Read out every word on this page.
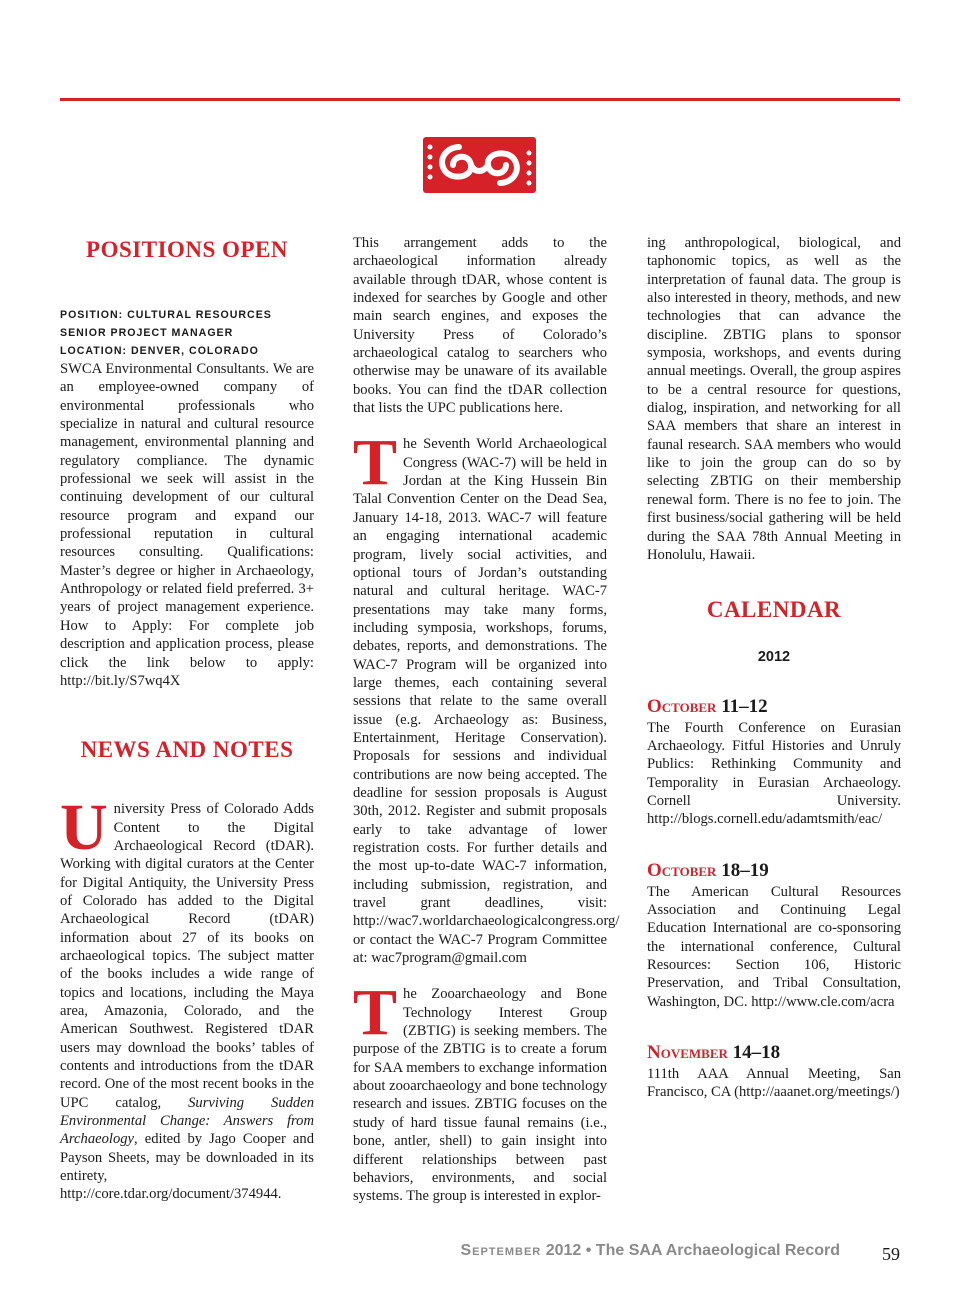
POSITIONS OPEN
POSITION: CULTURAL RESOURCES SENIOR PROJECT MANAGER
LOCATION: DENVER, COLORADO

SWCA Environmental Consultants. We are an employee-owned company of environmental professionals who specialize in natural and cultural resource management, environmental planning and regulatory compliance. The dynamic professional we seek will assist in the continuing development of our cultural resource program and expand our professional reputation in cultural resources consulting. Qualifications: Master’s degree or higher in Archaeology, Anthropology or related field preferred. 3+ years of project management experience. How to Apply: For complete job description and application process, please click the link below to apply: http://bit.ly/S7wq4X

NEWS AND NOTES

University Press of Colorado Adds Content to the Digital Archaeological Record (tDAR). Working with digital curators at the Center for Digital Antiquity, the University Press of Colorado has added to the Digital Archaeological Record (tDAR) information about 27 of its books on archaeological topics. The subject matter of the books includes a wide range of topics and locations, including the Maya area, Amazonia, Colorado, and the American Southwest. Registered tDAR users may download the books’ tables of contents and introductions from the tDAR record. One of the most recent books in the UPC catalog, Surviving Sudden Environmental Change: Answers from Archaeology, edited by Jago Cooper and Payson Sheets, may be downloaded in its entirety, http://core.tdar.org/document/374944.

This arrangement adds to the archaeological information already available through tDAR, whose content is indexed for searches by Google and other main search engines, and exposes the University Press of Colorado’s archaeological catalog to searchers who otherwise may be unaware of its available books. You can find the tDAR collection that lists the UPC publications here.

The Seventh World Archaeological Congress (WAC-7) will be held in Jordan at the King Hussein Bin Talal Convention Center on the Dead Sea, January 14-18, 2013. WAC-7 will feature an engaging international academic program, lively social activities, and optional tours of Jordan’s outstanding natural and cultural heritage. WAC-7 presentations may take many forms, including symposia, workshops, forums, debates, reports, and demonstrations. The WAC-7 Program will be organized into large themes, each containing several sessions that relate to the same overall issue (e.g. Archaeology as: Business, Entertainment, Heritage Conservation). Proposals for sessions and individual contributions are now being accepted. The deadline for session proposals is August 30th, 2012. Register and submit proposals early to take advantage of lower registration costs. For further details and the most up-to-date WAC-7 information, including submission, registration, and travel grant deadlines, visit: http://wac7.worldarchaeologicalcongress.org/ or contact the WAC-7 Program Committee at: wac7program@gmail.com

The Zooarchaeology and Bone Technology Interest Group (ZBTIG) is seeking members. The purpose of the ZBTIG is to create a forum for SAA members to exchange information about zooarchaeology and bone technology research and issues. ZBTIG focuses on the study of hard tissue faunal remains (i.e., bone, antler, shell) to gain insight into different relationships between past behaviors, environments, and social systems. The group is interested in explor-

ing anthropological, biological, and taphonomic topics, as well as the interpretation of faunal data. The group is also interested in theory, methods, and new technologies that can advance the discipline. ZBTIG plans to sponsor symposia, workshops, and events during annual meetings. Overall, the group aspires to be a central resource for questions, dialog, inspiration, and networking for all SAA members that share an interest in faunal research. SAA members who would like to join the group can do so by selecting ZBTIG on their membership renewal form. There is no fee to join. The first business/social gathering will be held during the SAA 78th Annual Meeting in Honolulu, Hawaii.

CALENDAR
2012
October 11–12

The Fourth Conference on Eurasian Archaeology. Fitful Histories and Unruly Publics: Rethinking Community and Temporality in Eurasian Archaeology. Cornell University. http://blogs.cornell.edu/adamtsmith/eac/

October 18–19

The American Cultural Resources Association and Continuing Legal Education International are co-sponsoring the international conference, Cultural Resources: Section 106, Historic Preservation, and Tribal Consultation, Washington, DC. http://www.cle.com/acra

November 14–18

111th AAA Annual Meeting, San Francisco, CA (http://aaanet.org/meetings/)

September 2012 • The SAA Archaeological Record	59
